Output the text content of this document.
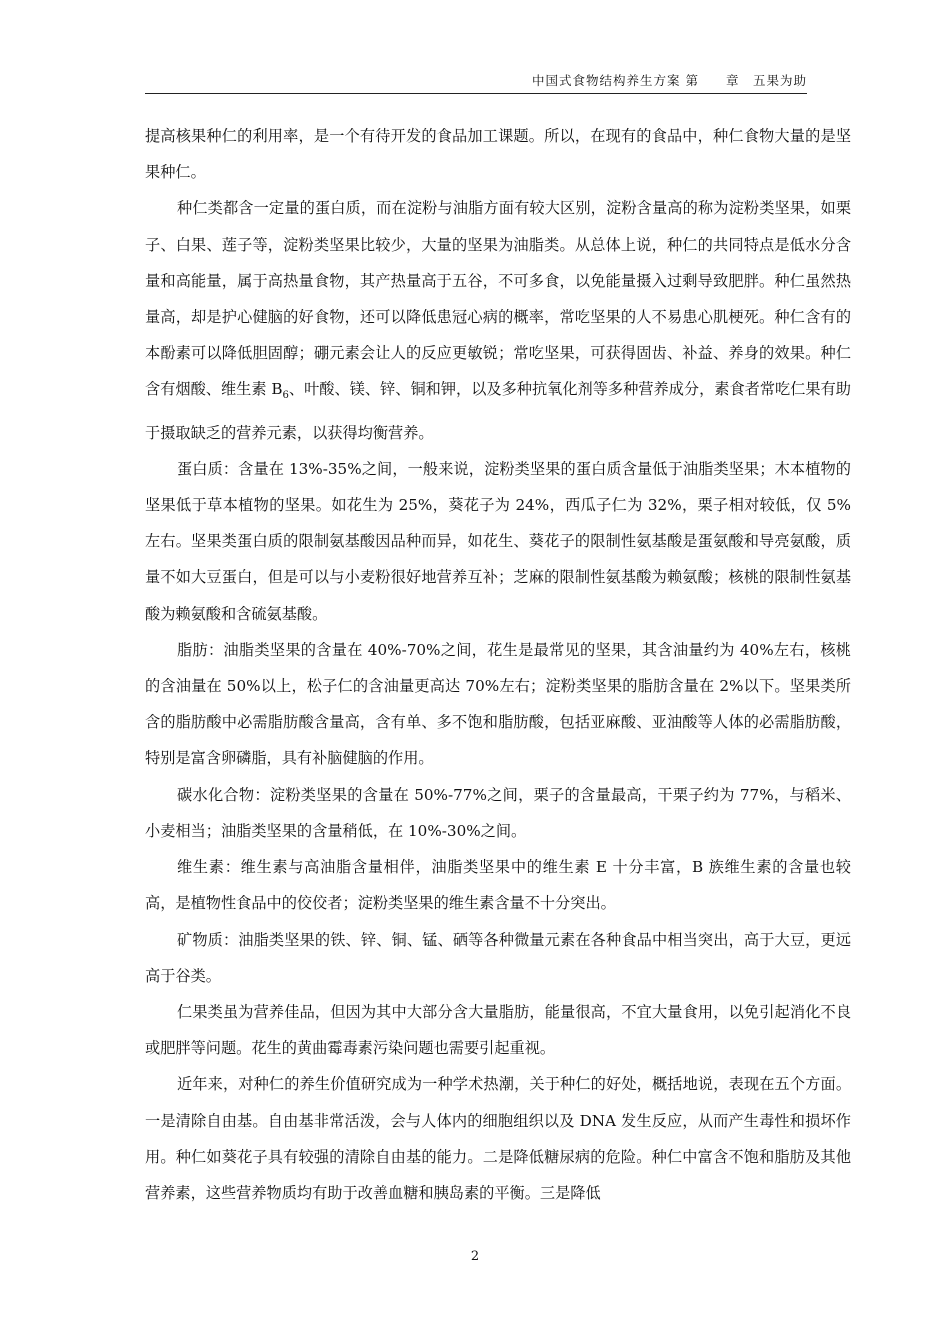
中国式食物结构养生方案 第　　章　五果为助

提高核果种仁的利用率，是一个有待开发的食品加工课题。所以，在现有的食品中，种仁食物大量的是坚果种仁。

种仁类都含一定量的蛋白质，而在淀粉与油脂方面有较大区别，淀粉含量高的称为淀粉类坚果，如栗子、白果、莲子等，淀粉类坚果比较少，大量的坚果为油脂类。从总体上说，种仁的共同特点是低水分含量和高能量，属于高热量食物，其产热量高于五谷，不可多食，以免能量摄入过剩导致肥胖。种仁虽然热量高，却是护心健脑的好食物，还可以降低患冠心病的概率，常吃坚果的人不易患心肌梗死。种仁含有的本酚素可以降低胆固醇；硼元素会让人的反应更敏锐；常吃坚果，可获得固齿、补益、养身的效果。种仁含有烟酸、维生素 $B_6$、叶酸、镁、锌、铜和钾，以及多种抗氧化剂等多种营养成分，素食者常吃仁果有助于摄取缺乏的营养元素，以获得均衡营养。

蛋白质：含量在 13%-35%之间，一般来说，淀粉类坚果的蛋白质含量低于油脂类坚果；木本植物的坚果低于草本植物的坚果。如花生为 25%，葵花子为 24%，西瓜子仁为 32%，栗子相对较低，仅 5%左右。坚果类蛋白质的限制氨基酸因品种而异，如花生、葵花子的限制性氨基酸是蛋氨酸和导亮氨酸，质量不如大豆蛋白，但是可以与小麦粉很好地营养互补；芝麻的限制性氨基酸为赖氨酸；核桃的限制性氨基酸为赖氨酸和含硫氨基酸。

脂肪：油脂类坚果的含量在 40%-70%之间，花生是最常见的坚果，其含油量约为 40%左右，核桃的含油量在 50%以上，松子仁的含油量更高达 70%左右；淀粉类坚果的脂肪含量在 2%以下。坚果类所含的脂肪酸中必需脂肪酸含量高，含有单、多不饱和脂肪酸，包括亚麻酸、亚油酸等人体的必需脂肪酸，特别是富含卵磷脂，具有补脑健脑的作用。

碳水化合物：淀粉类坚果的含量在 50%-77%之间，栗子的含量最高，干栗子约为 77%，与稻米、小麦相当；油脂类坚果的含量稍低，在 10%-30%之间。

维生素：维生素与高油脂含量相伴，油脂类坚果中的维生素 E 十分丰富，B 族维生素的含量也较高，是植物性食品中的佼佼者；淀粉类坚果的维生素含量不十分突出。

矿物质：油脂类坚果的铁、锌、铜、锰、硒等各种微量元素在各种食品中相当突出，高于大豆，更远高于谷类。

仁果类虽为营养佳品，但因为其中大部分含大量脂肪，能量很高，不宜大量食用，以免引起消化不良或肥胖等问题。花生的黄曲霉毒素污染问题也需要引起重视。

近年来，对种仁的养生价值研究成为一种学术热潮，关于种仁的好处，概括地说，表现在五个方面。一是清除自由基。自由基非常活泼，会与人体内的细胞组织以及 DNA 发生反应，从而产生毒性和损坏作用。种仁如葵花子具有较强的清除自由基的能力。二是降低糖尿病的危险。种仁中富含不饱和脂肪及其他营养素，这些营养物质均有助于改善血糖和胰岛素的平衡。三是降低

2
